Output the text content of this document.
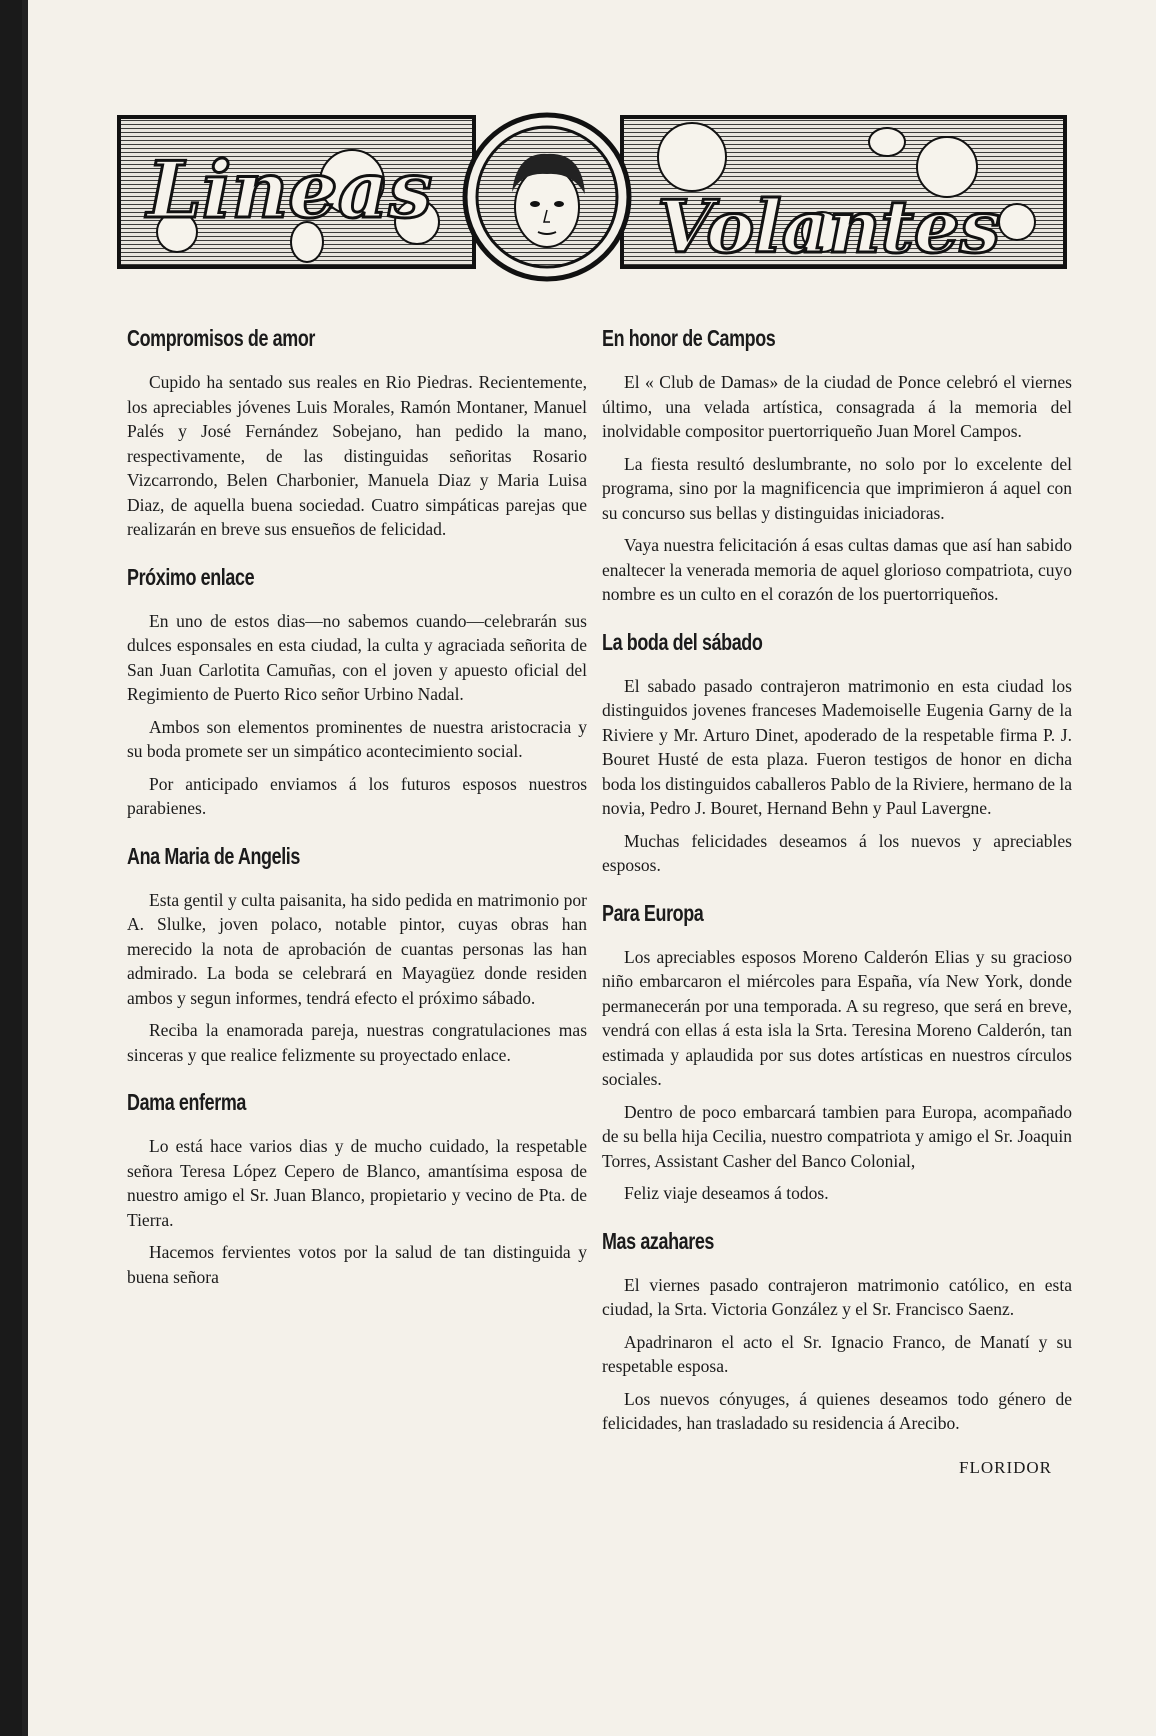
Lineas	Volantes
Compromisos de amor

Cupido ha sentado sus reales en Rio Piedras. Recientemente, los apreciables jóvenes Luis Morales, Ramón Montaner, Manuel Palés y José Fernández Sobejano, han pedido la mano, respectivamente, de las distinguidas señoritas Rosario Vizcarrondo, Belen Charbonier, Manuela Diaz y Maria Luisa Diaz, de aquella buena sociedad. Cuatro simpáticas parejas que realizarán en breve sus ensueños de felicidad.

Próximo enlace

En uno de estos dias—no sabemos cuando—celebrarán sus dulces esponsales en esta ciudad, la culta y agraciada señorita de San Juan Carlotita Camuñas, con el joven y apuesto oficial del Regimiento de Puerto Rico señor Urbino Nadal.

Ambos son elementos prominentes de nuestra aristocracia y su boda promete ser un simpático acontecimiento social.

Por anticipado enviamos á los futuros esposos nuestros parabienes.

Ana Maria de Angelis

Esta gentil y culta paisanita, ha sido pedida en matrimonio por A. Slulke, joven polaco, notable pintor, cuyas obras han merecido la nota de aprobación de cuantas personas las han admirado. La boda se celebrará en Mayagüez donde residen ambos y segun informes, tendrá efecto el próximo sábado.

Reciba la enamorada pareja, nuestras congratulaciones mas sinceras y que realice felizmente su proyectado enlace.

Dama enferma

Lo está hace varios dias y de mucho cuidado, la respetable señora Teresa López Cepero de Blanco, amantísima esposa de nuestro amigo el Sr. Juan Blanco, propietario y vecino de Pta. de Tierra.

Hacemos fervientes votos por la salud de tan distinguida y buena señora

En honor de Campos

El « Club de Damas» de la ciudad de Ponce celebró el viernes último, una velada artística, consagrada á la memoria del inolvidable compositor puertorriqueño Juan Morel Campos.

La fiesta resultó deslumbrante, no solo por lo excelente del programa, sino por la magnificencia que imprimieron á aquel con su concurso sus bellas y distinguidas iniciadoras.

Vaya nuestra felicitación á esas cultas damas que así han sabido enaltecer la venerada memoria de aquel glorioso compatriota, cuyo nombre es un culto en el corazón de los puertorriqueños.

La boda del sábado

El sabado pasado contrajeron matrimonio en esta ciudad los distinguidos jovenes franceses Mademoiselle Eugenia Garny de la Riviere y Mr. Arturo Dinet, apoderado de la respetable firma P. J. Bouret Husté de esta plaza. Fueron testigos de honor en dicha boda los distinguidos caballeros Pablo de la Riviere, hermano de la novia, Pedro J. Bouret, Hernand Behn y Paul Lavergne.

Muchas felicidades deseamos á los nuevos y apreciables esposos.

Para Europa

Los apreciables esposos Moreno Calderón Elias y su gracioso niño embarcaron el miércoles para España, vía New York, donde permanecerán por una temporada. A su regreso, que será en breve, vendrá con ellas á esta isla la Srta. Teresina Moreno Calderón, tan estimada y aplaudida por sus dotes artísticas en nuestros círculos sociales.

Dentro de poco embarcará tambien para Europa, acompañado de su bella hija Cecilia, nuestro compatriota y amigo el Sr. Joaquin Torres, Assistant Casher del Banco Colonial,

Feliz viaje deseamos á todos.

Mas azahares

El viernes pasado contrajeron matrimonio católico, en esta ciudad, la Srta. Victoria González y el Sr. Francisco Saenz.

Apadrinaron el acto el Sr. Ignacio Franco, de Manatí y su respetable esposa.

Los nuevos cónyuges, á quienes deseamos todo género de felicidades, han trasladado su residencia á Arecibo.

FLORIDOR
